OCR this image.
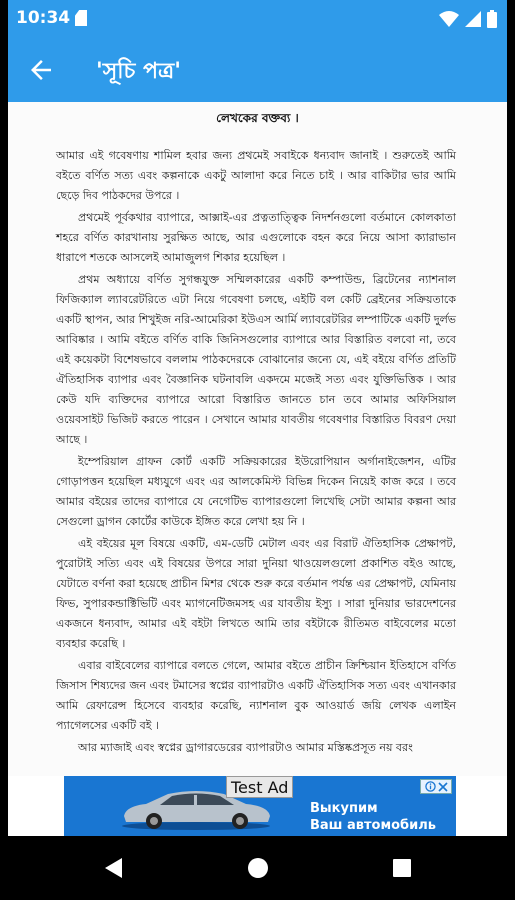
10:34
'সূচি পত্র'
লেখকের বক্তব্য ।

আমার এই গবেষণায় শামিল হবার জন্য প্রথমেই সবাইকে ধন্যবাদ জানাই । শুরুতেই আমি বইতে বর্ণিত সত্য এবং কল্পনাকে একটু আলাদা করে নিতে চাই । আর বাকিটার ভার আমি ছেড়ে দিব পাঠকদের উপরে ।

প্রথমেই পূর্বকথার ব্যাপারে, আক্সাই-এর প্রত্নতাত্ত্বিক নিদর্শনগুলো বর্তমানে কোলকাতা শহরে বর্ণিত কারখানায় সুরক্ষিত আছে, আর এগুলোকে বহন করে নিয়ে আসা ক্যারাভান ধারাপে শতকে আসলেই আমাজুলগ শিকার হয়েছিল ।

প্রথম অধ্যায়ে বর্ণিত সুগন্ধযুক্ত সম্মিলকারের একটি কম্পাউন্ড, ব্রিটেনের ন্যাশনাল ফিজিক্যাল ল্যাবরেটরিতে এটা নিয়ে গবেষণা চলছে, এইটি বল কেটি ব্রেইনের সক্রিয়তাকে একটি স্থাপন, আর শিখুইজ নরি-আমেরিকা ইউএস আর্মি ল্যাবরেটরির লম্পাটিকে একটি দুর্লভ আবিষ্কার । আমি বইতে বর্ণিত বাকি জিনিসগুলোর ব্যাপারে আর বিস্তারিত বলবো না, তবে এই কয়েকটা বিশেষভাবে বললাম পাঠকদেরকে বোঝানোর জন্যে যে, এই বইয়ে বর্ণিত প্রতিটি ঐতিহাসিক ব্যাপার এবং বৈজ্ঞানিক ঘটনাবলি একদমে মজেই সত্য এবং যুক্তিভিত্তিক । আর কেউ যদি ব্যক্তিদের ব্যাপারে আরো বিস্তারিত জানতে চান তবে আমার অফিসিয়াল ওয়েবসাইট ভিজিট করতে পারেন । সেখানে আমার যাবতীয় গবেষণার বিস্তারিত বিবরণ দেয়া আছে ।

ইম্পেরিয়াল গ্রাফন কোর্ট একটি সক্রিয়কারের ইউরোপিয়ান অর্গানাইজেশন, এটির গোড়াপত্তন হয়েছিল মধ্যযুগে এবং এর আলকেমিস্ট বিভিন্ন দিকেন নিয়েই কাজ করে । তবে আমার বইয়ের তাদের ব্যাপারে যে নেগেটিভ ব্যাপারগুলো লিখেছি সেটা আমার কল্পনা আর সেগুলো ড্রাগন কোর্টের কাউকে ইঙ্গিত করে লেখা হয় নি ।

এই বইয়ের মূল বিষয়ে একটি, এম-ডেটি মেটাল এবং এর বিরাট ঐতিহাসিক প্রেক্ষাপট, পুরোটাই সত্যি এবং এই বিষয়ের উপরে সারা দুনিয়া থাওয়েলগুলো প্রকাশিত বইও আছে, যেটাতে বর্ণনা করা হয়েছে প্রাচীন মিশর থেকে শুরু করে বর্তমান পর্যন্ত এর প্রেক্ষাপট, যেমিনায় ফিভ, সুপারকন্ডাক্টিভিটি এবং ম্যাগনেটিজমসহ এর যাবতীয় ইস্যু । সারা দুনিয়ার ভারদেশনের একজনে ধন্যবাদ, আমার এই বইটা লিখতে আমি তার বইটাকে রীতিমত বাইবেলের মতো ব্যবহার করেছি ।

এবার বাইবেলের ব্যাপারে বলতে গেলে, আমার বইতে প্রাচীন ক্রিশ্চিয়ান ইতিহাসে বর্ণিত জিসাস শিষ্যদের জন এবং টমাসের স্বপ্নের ব্যাপারটাও একটি ঐতিহাসিক সত্য এবং এখানকার আমি রেফারেন্স হিসেবে ব্যবহার করেছি, ন্যাশনাল বুক আওয়ার্ড জয়ি লেখক এলাইন প্যাগেলসের একটি বই ।

আর ম্যাজাই এবং স্বপ্নের ড্রাগারডেরের ব্যাপারটাও আমার মস্তিষ্কপ্রসূত নয় বরং

Test Ad
Выкупим
Ваш автомобиль
